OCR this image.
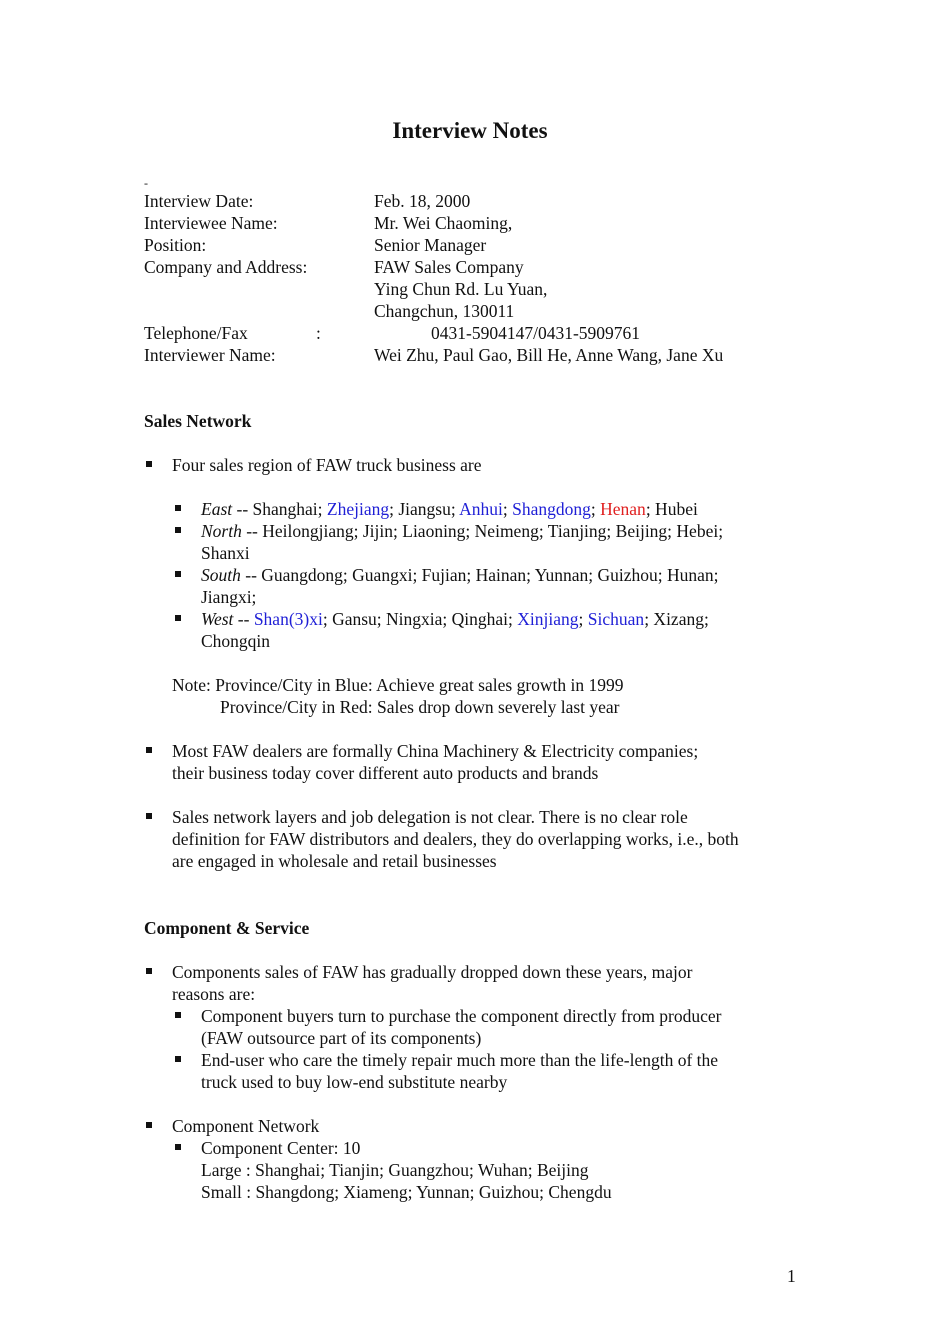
Interview Notes
-
Interview Date:	Feb. 18, 2000
Interviewee Name:	Mr. Wei Chaoming,
Position:	Senior Manager
Company and Address:	FAW Sales Company
Ying Chun Rd. Lu Yuan,
Changchun, 130011
Telephone/Fax	:	0431-5904147/0431-5909761
Interviewer Name:	Wei Zhu, Paul Gao, Bill He, Anne Wang, Jane Xu
Sales Network
Four sales region of FAW truck business are
East -- Shanghai; Zhejiang; Jiangsu; Anhui; Shangdong; Henan; Hubei
North -- Heilongjiang; Jijin; Liaoning; Neimeng; Tianjing; Beijing; Hebei;
Shanxi
South -- Guangdong; Guangxi; Fujian; Hainan; Yunnan; Guizhou; Hunan;
Jiangxi;
West -- Shan(3)xi; Gansu; Ningxia; Qinghai; Xinjiang; Sichuan; Xizang;
Chongqin
Note: Province/City in Blue: Achieve great sales growth in 1999
Province/City in Red: Sales drop down severely last year
Most FAW dealers are formally China Machinery & Electricity companies;
their business today cover different auto products and brands
Sales network layers and job delegation is not clear. There is no clear role
definition for FAW distributors and dealers, they do overlapping works, i.e., both
are engaged in wholesale and retail businesses
Component & Service
Components sales of FAW has gradually dropped down these years, major
reasons are:
Component buyers turn to purchase the component directly from producer
(FAW outsource part of its components)
End-user who care the timely repair much more than the life-length of the
truck used to buy low-end substitute nearby
Component Network
Component Center: 10
Large : Shanghai; Tianjin; Guangzhou; Wuhan; Beijing
Small : Shangdong; Xiameng; Yunnan; Guizhou; Chengdu
1
